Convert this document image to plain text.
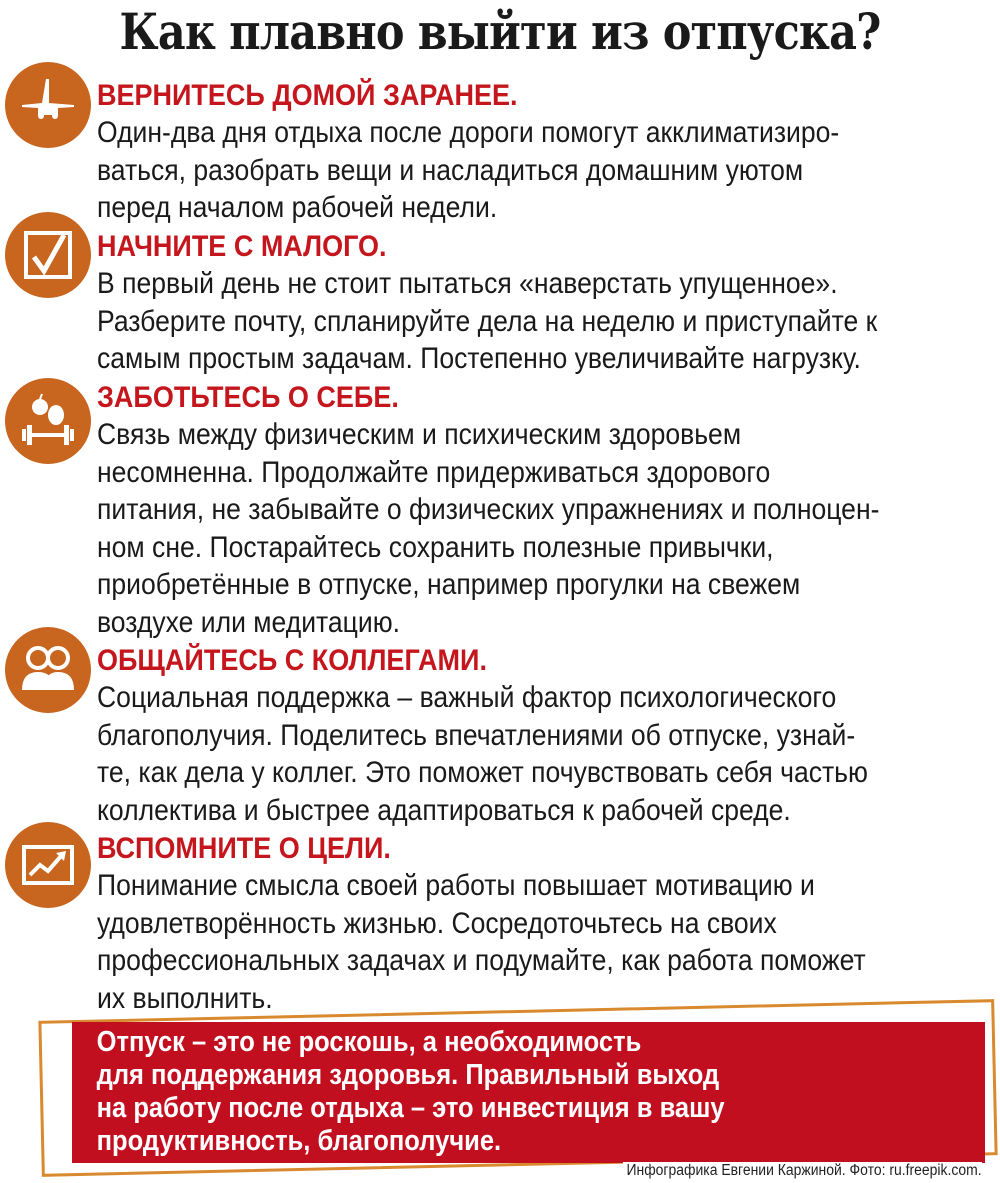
Как плавно выйти из отпуска?
ВЕРНИТЕСЬ ДОМОЙ ЗАРАНЕЕ.
Один-два дня отдыха после дороги помогут акклиматизиро-
ваться, разобрать вещи и насладиться домашним уютом
перед началом рабочей недели.
НАЧНИТЕ С МАЛОГО.
В первый день не стоит пытаться «наверстать упущенное».
Разберите почту, спланируйте дела на неделю и приступайте к
самым простым задачам. Постепенно увеличивайте нагрузку.
ЗАБОТЬТЕСЬ О СЕБЕ.
Связь между физическим и психическим здоровьем
несомненна. Продолжайте придерживаться здорового
питания, не забывайте о физических упражнениях и полноцен-
ном сне. Постарайтесь сохранить полезные привычки,
приобретённые в отпуске, например прогулки на свежем
воздухе или медитацию.
ОБЩАЙТЕСЬ С КОЛЛЕГАМИ.
Социальная поддержка – важный фактор психологического
благополучия. Поделитесь впечатлениями об отпуске, узнай-
те, как дела у коллег. Это поможет почувствовать себя частью
коллектива и быстрее адаптироваться к рабочей среде.
ВСПОМНИТЕ О ЦЕЛИ.
Понимание смысла своей работы повышает мотивацию и
удовлетворённость жизнью. Сосредоточьтесь на своих
профессиональных задачах и подумайте, как работа поможет
их выполнить.
Отпуск – это не роскошь, а необходимость
для поддержания здоровья. Правильный выход
на работу после отдыха – это инвестиция в вашу
продуктивность, благополучие.
Инфографика Евгении Каржиной. Фото: ru.freepik.com.
